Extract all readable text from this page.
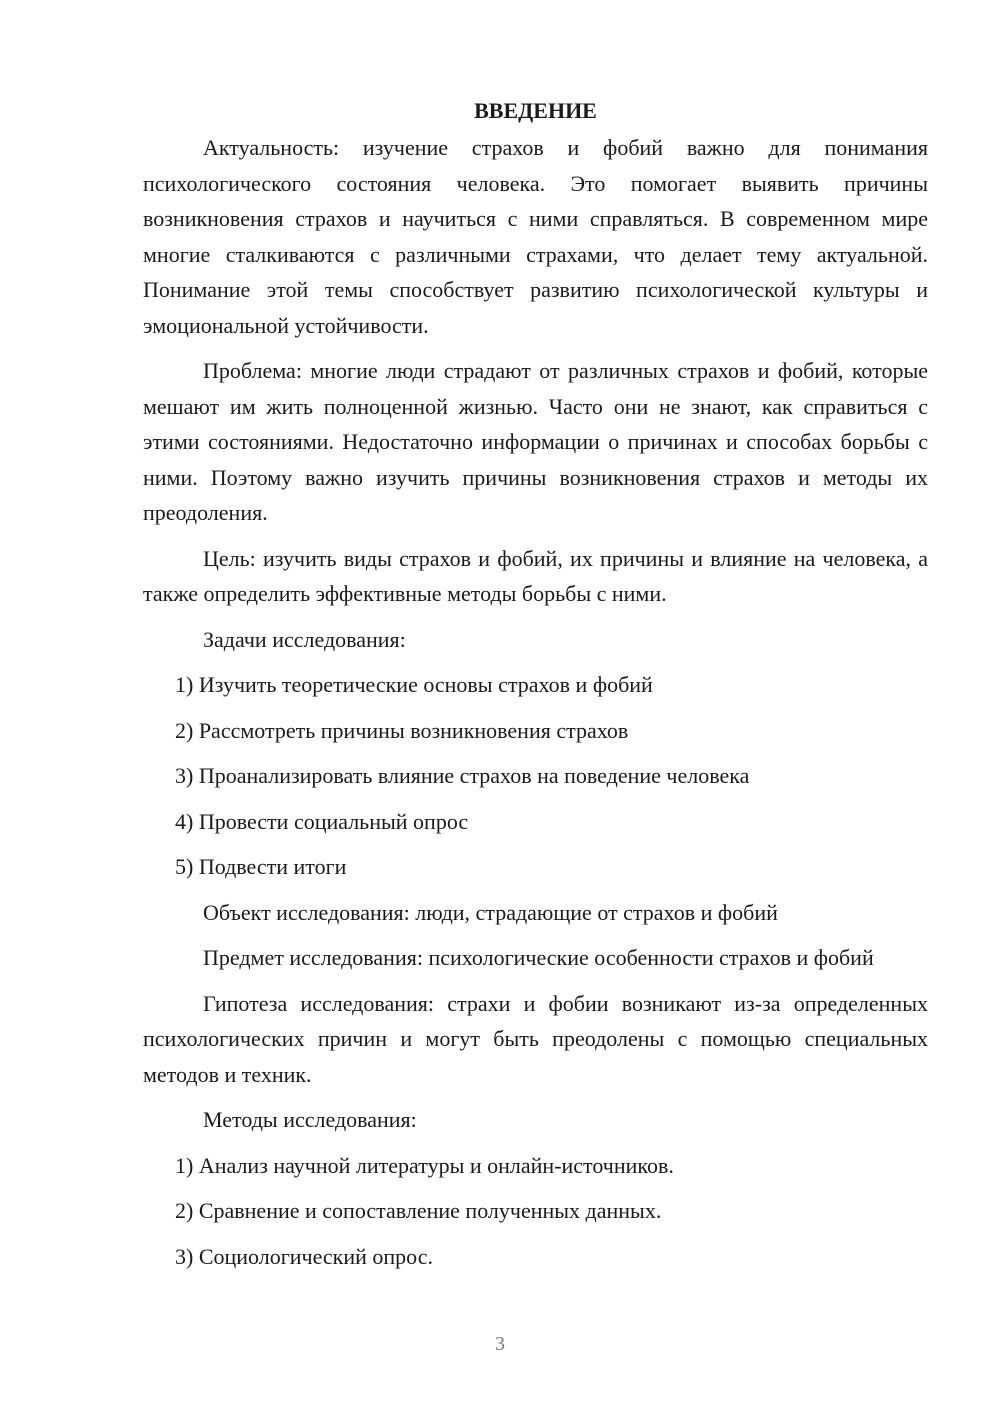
ВВЕДЕНИЕ

Актуальность: изучение страхов и фобий важно для понимания психологического состояния человека. Это помогает выявить причины возникновения страхов и научиться с ними справляться. В современном мире многие сталкиваются с различными страхами, что делает тему актуальной. Понимание этой темы способствует развитию психологической культуры и эмоциональной устойчивости.

Проблема: многие люди страдают от различных страхов и фобий, которые мешают им жить полноценной жизнью. Часто они не знают, как справиться с этими состояниями. Недостаточно информации о причинах и способах борьбы с ними. Поэтому важно изучить причины возникновения страхов и методы их преодоления.

Цель: изучить виды страхов и фобий, их причины и влияние на человека, а также определить эффективные методы борьбы с ними.

Задачи исследования:
1) Изучить теоретические основы страхов и фобий
2) Рассмотреть причины возникновения страхов
3) Проанализировать влияние страхов на поведение человека
4) Провести социальный опрос
5) Подвести итоги
Объект исследования: люди, страдающие от страхов и фобий

Предмет исследования: психологические особенности страхов и фобий

Гипотеза исследования: страхи и фобии возникают из-за определенных психологических причин и могут быть преодолены с помощью специальных методов и техник.

Методы исследования:
1) Анализ научной литературы и онлайн-источников.
2) Сравнение и сопоставление полученных данных.
3) Социологический опрос.
3
